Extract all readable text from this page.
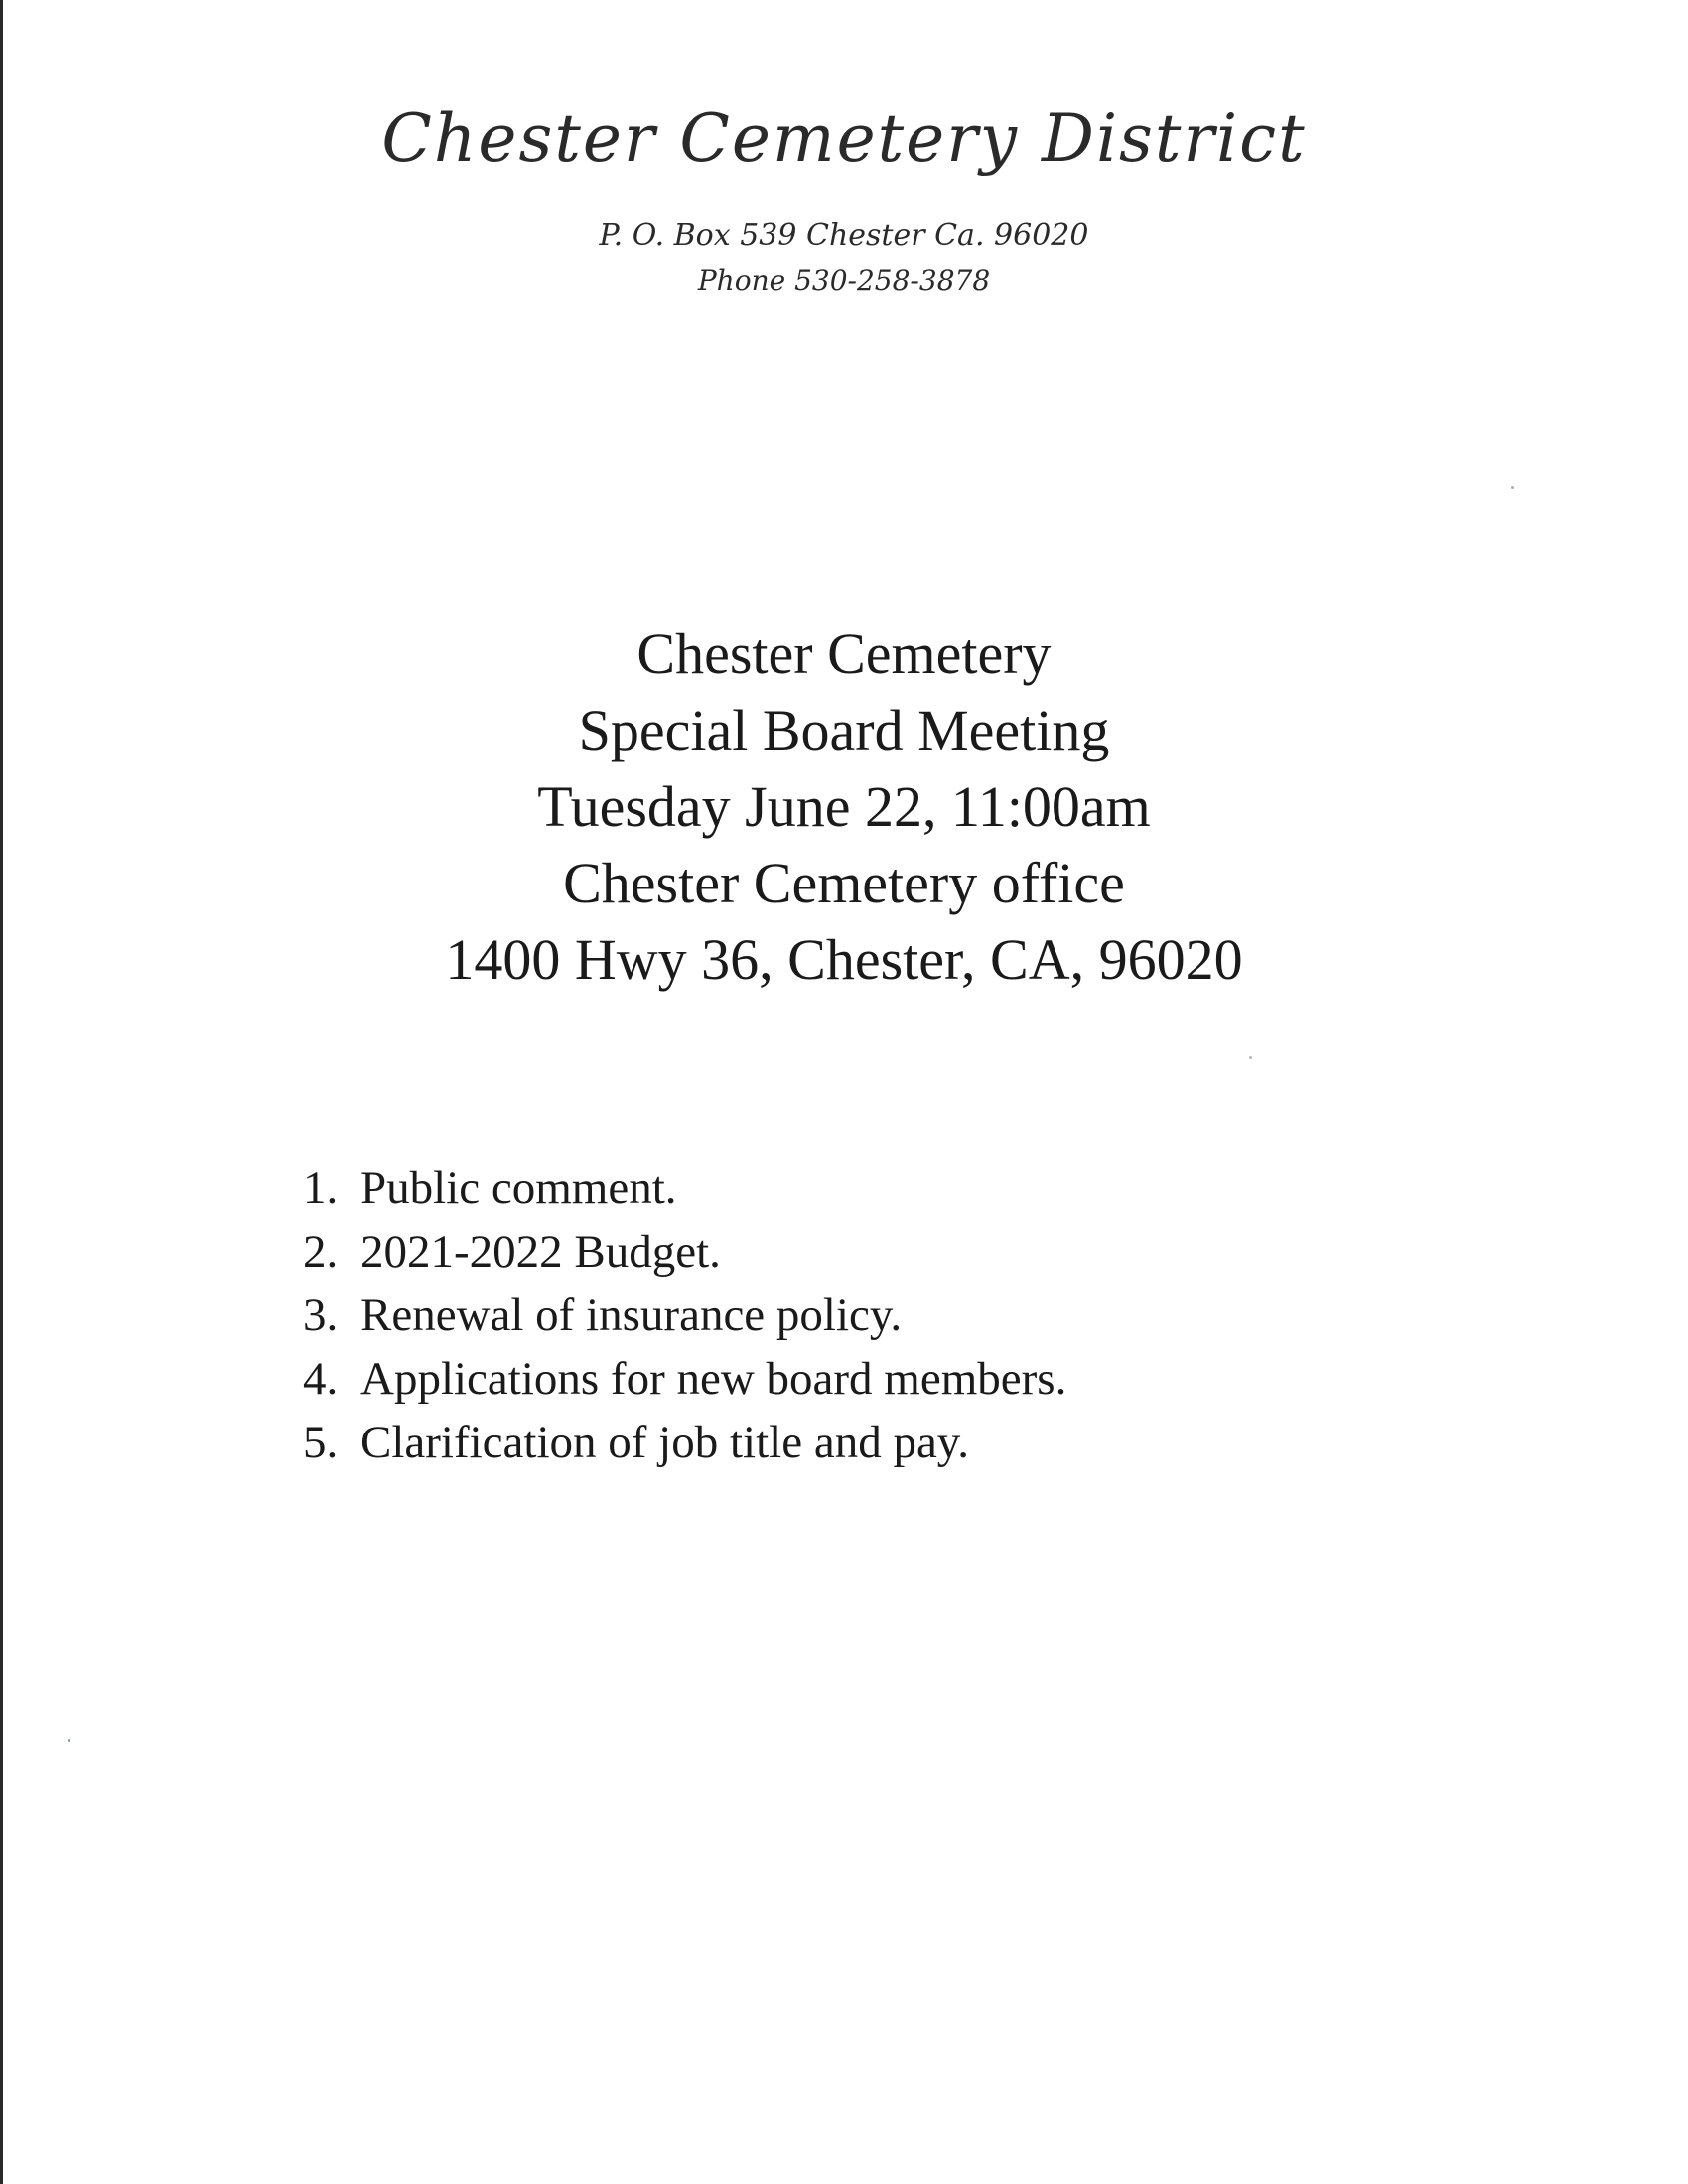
Chester Cemetery District
P. O. Box 539 Chester Ca. 96020
Phone 530-258-3878
Chester Cemetery
Special Board Meeting
Tuesday June 22, 11:00am
Chester Cemetery office
1400 Hwy 36, Chester, CA, 96020
1. Public comment.
2. 2021-2022 Budget.
3. Renewal of insurance policy.
4. Applications for new board members.
5. Clarification of job title and pay.
